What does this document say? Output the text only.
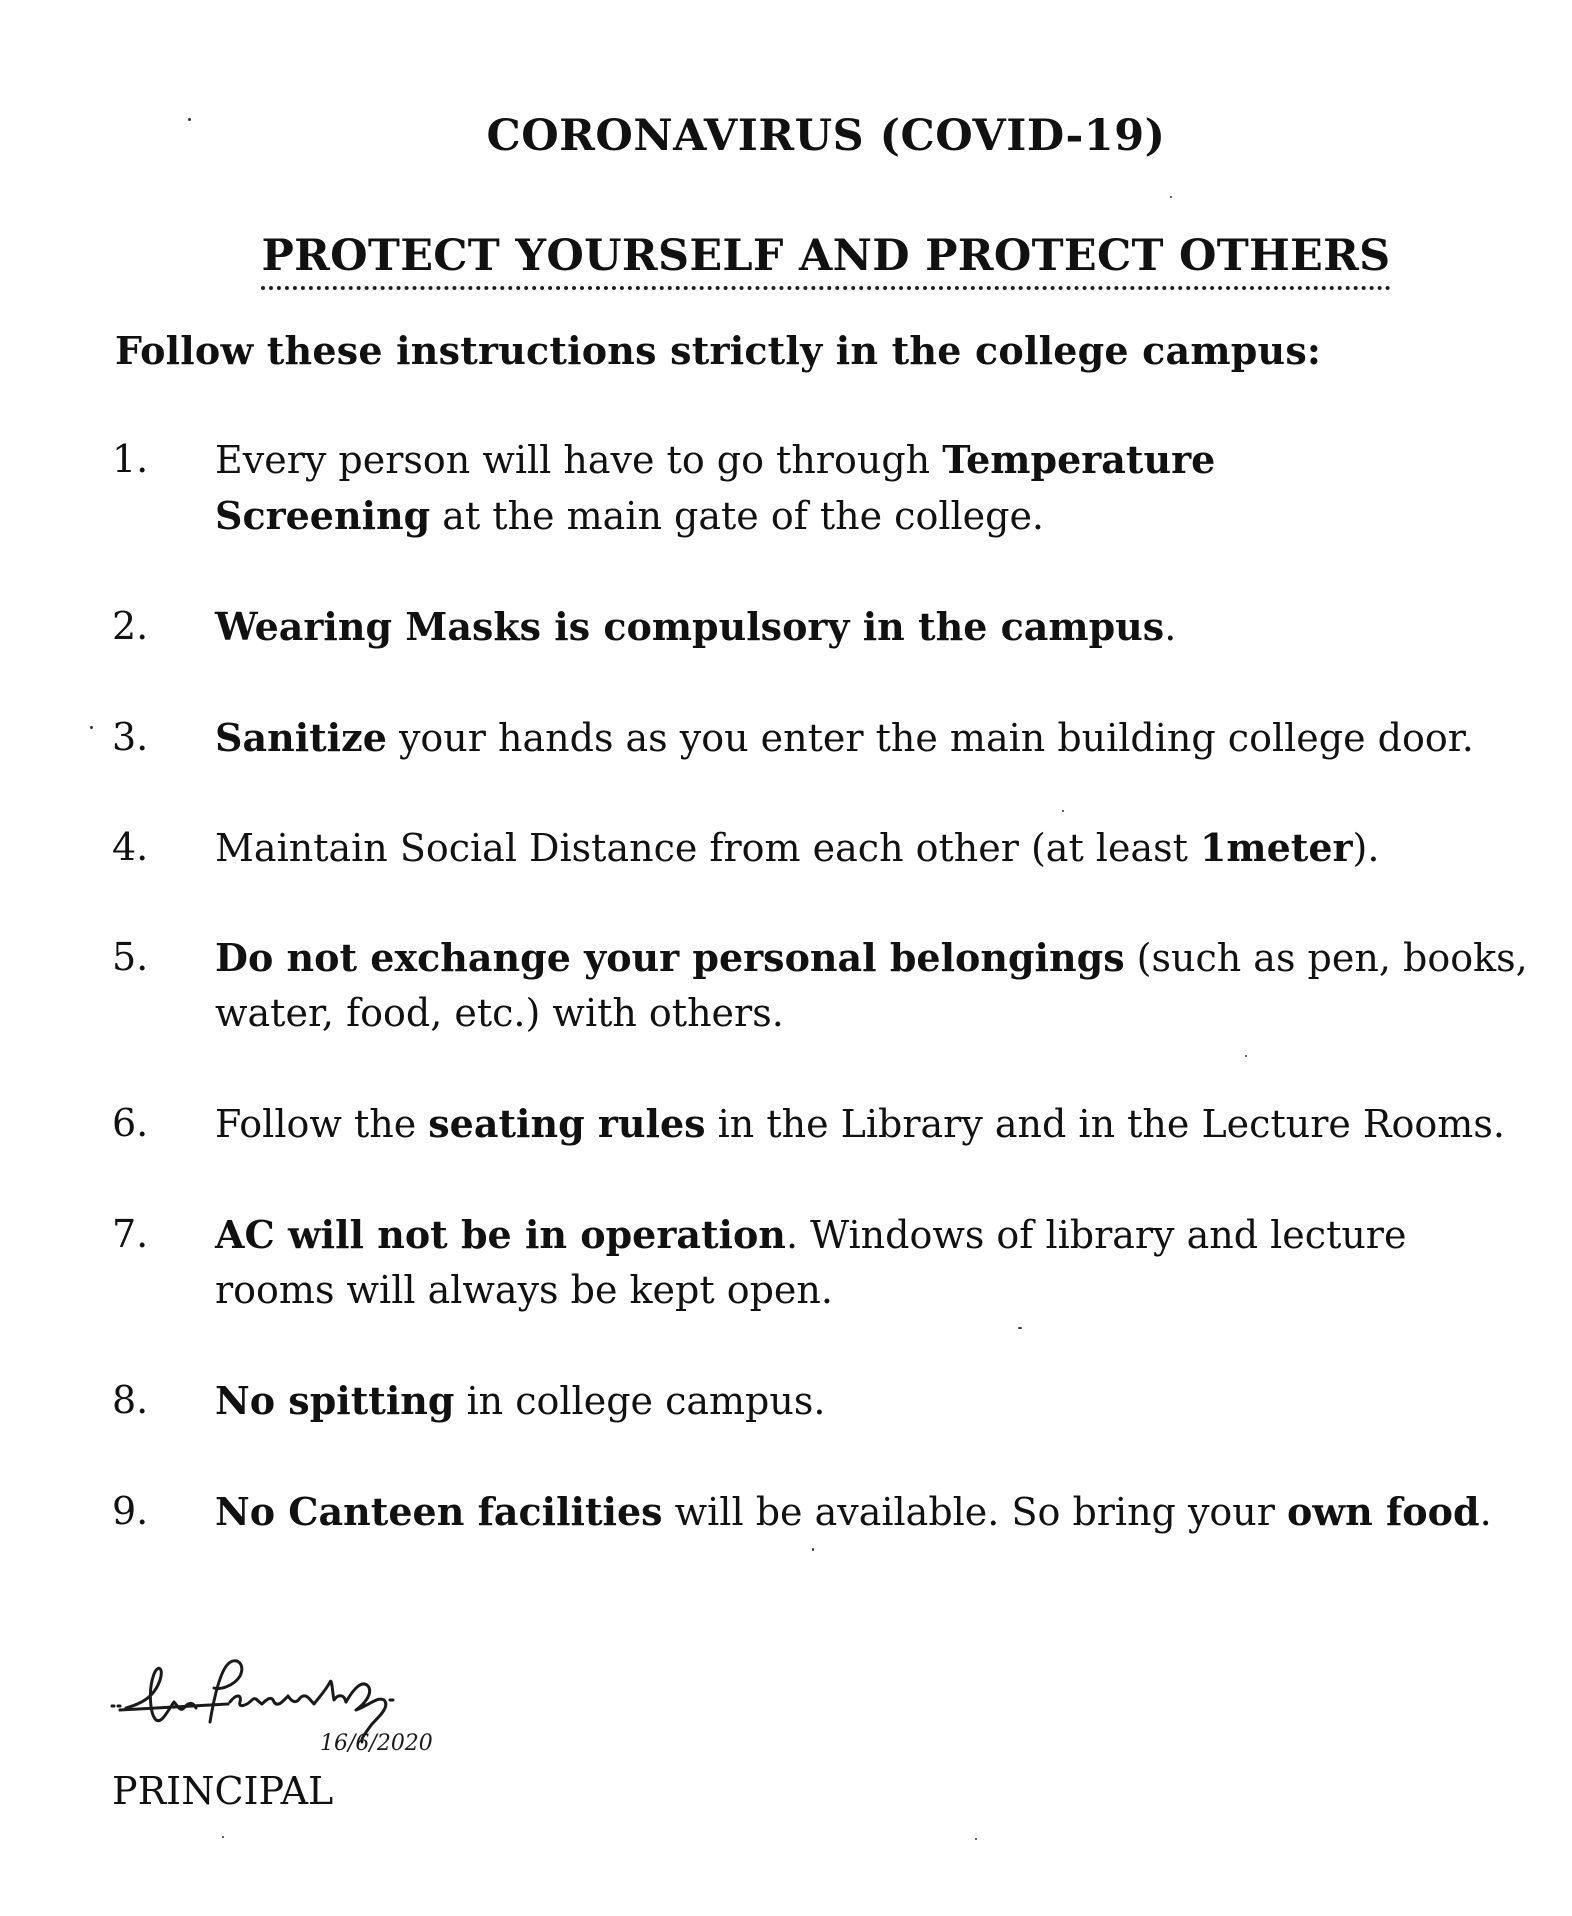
CORONAVIRUS (COVID-19)
PROTECT YOURSELF AND PROTECT OTHERS
Follow these instructions strictly in the college campus:
1. Every person will have to go through Temperature
Screening at the main gate of the college.
2. Wearing Masks is compulsory in the campus.
3. Sanitize your hands as you enter the main building college door.
4. Maintain Social Distance from each other (at least 1meter).
5. Do not exchange your personal belongings (such as pen, books,
water, food, etc.) with others.
6. Follow the seating rules in the Library and in the Lecture Rooms.
7. AC will not be in operation. Windows of library and lecture
rooms will always be kept open.
8. No spitting in college campus.
9. No Canteen facilities will be available. So bring your own food.
16/6/2020
PRINCIPAL
